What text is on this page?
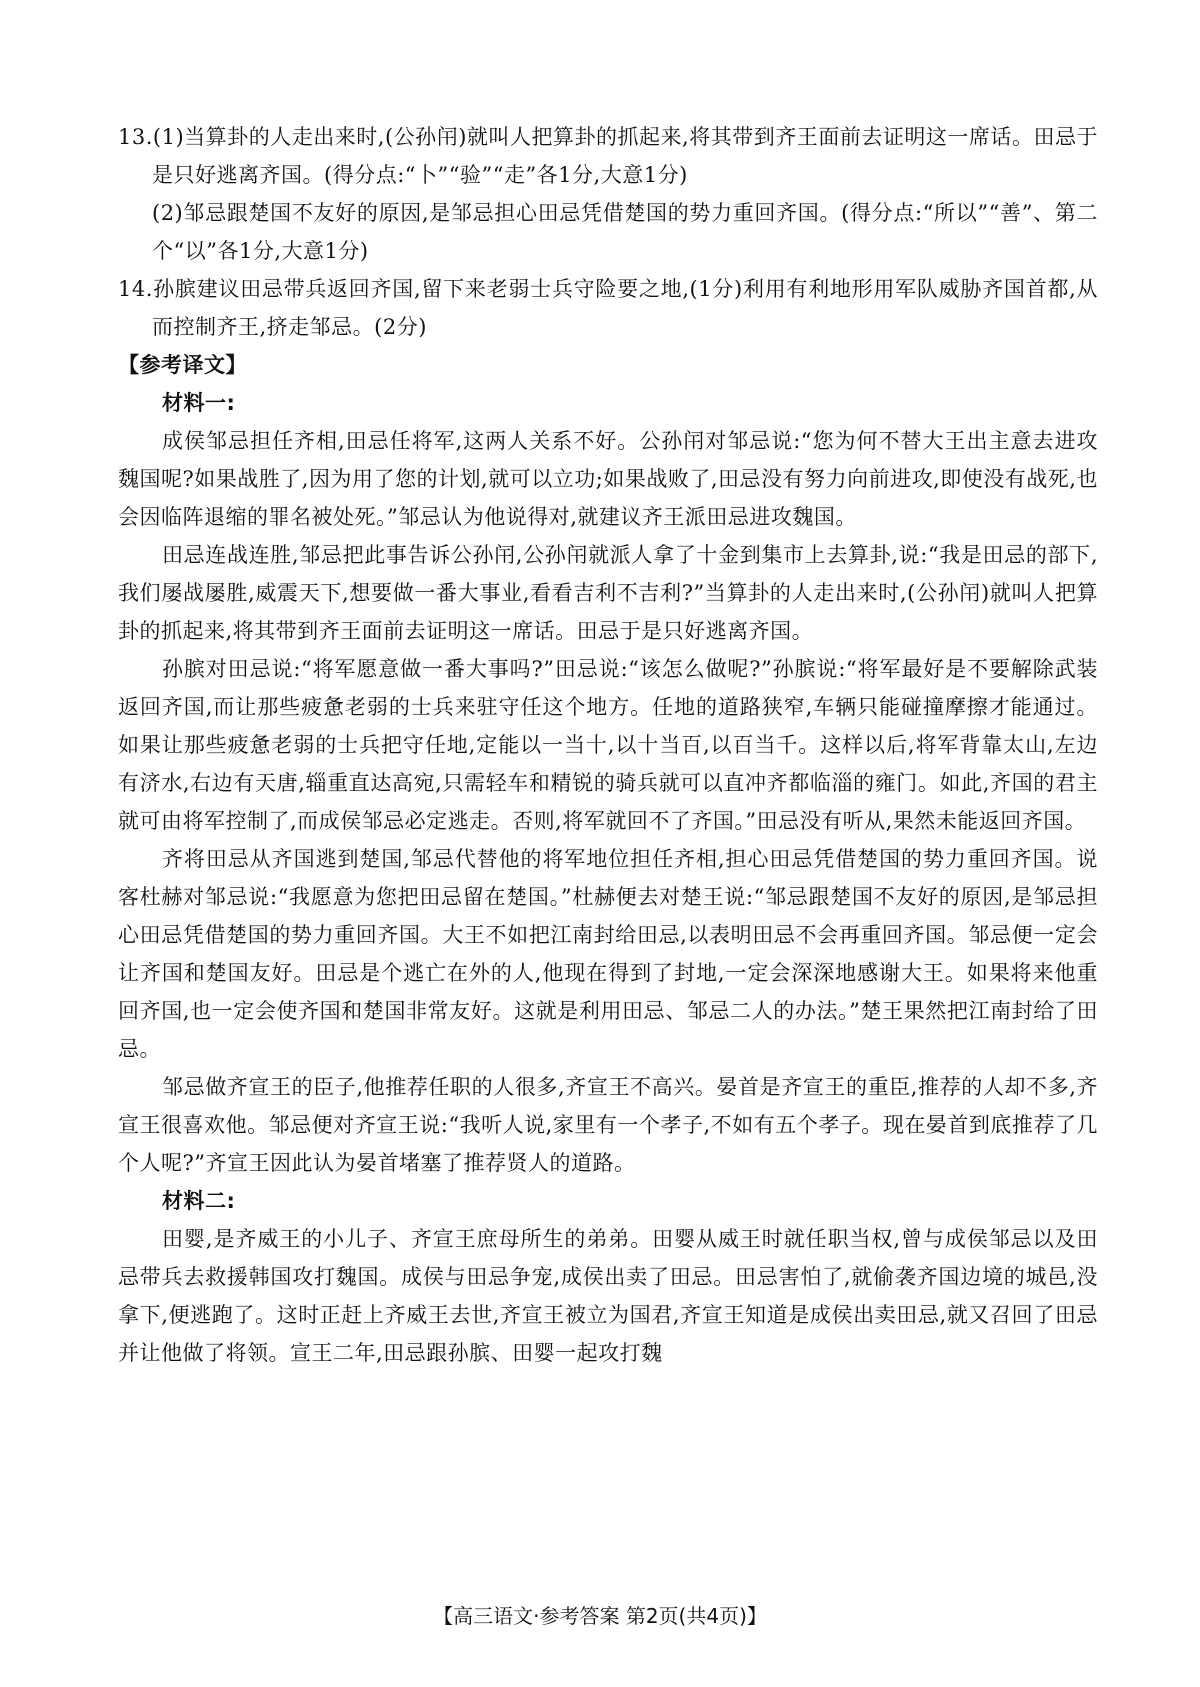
13.(1)当算卦的人走出来时,(公孙闬)就叫人把算卦的抓起来,将其带到齐王面前去证明这一席话。田忌于是只好逃离齐国。(得分点:“卜”“验”“走”各1分,大意1分)

(2)邹忌跟楚国不友好的原因,是邹忌担心田忌凭借楚国的势力重回齐国。(得分点:“所以”“善”、第二个“以”各1分,大意1分)

14.孙膑建议田忌带兵返回齐国,留下来老弱士兵守险要之地,(1分)利用有利地形用军队威胁齐国首都,从而控制齐王,挤走邹忌。(2分)

【参考译文】

材料一:

成侯邹忌担任齐相,田忌任将军,这两人关系不好。公孙闬对邹忌说:“您为何不替大王出主意去进攻魏国呢?如果战胜了,因为用了您的计划,就可以立功;如果战败了,田忌没有努力向前进攻,即使没有战死,也会因临阵退缩的罪名被处死。”邹忌认为他说得对,就建议齐王派田忌进攻魏国。

田忌连战连胜,邹忌把此事告诉公孙闬,公孙闬就派人拿了十金到集市上去算卦,说:“我是田忌的部下,我们屡战屡胜,威震天下,想要做一番大事业,看看吉利不吉利?”当算卦的人走出来时,(公孙闬)就叫人把算卦的抓起来,将其带到齐王面前去证明这一席话。田忌于是只好逃离齐国。

孙膑对田忌说:“将军愿意做一番大事吗?”田忌说:“该怎么做呢?”孙膑说:“将军最好是不要解除武装返回齐国,而让那些疲惫老弱的士兵来驻守任这个地方。任地的道路狭窄,车辆只能碰撞摩擦才能通过。如果让那些疲惫老弱的士兵把守任地,定能以一当十,以十当百,以百当千。这样以后,将军背靠太山,左边有济水,右边有天唐,辎重直达高宛,只需轻车和精锐的骑兵就可以直冲齐都临淄的雍门。如此,齐国的君主就可由将军控制了,而成侯邹忌必定逃走。否则,将军就回不了齐国。”田忌没有听从,果然未能返回齐国。

齐将田忌从齐国逃到楚国,邹忌代替他的将军地位担任齐相,担心田忌凭借楚国的势力重回齐国。说客杜赫对邹忌说:“我愿意为您把田忌留在楚国。”杜赫便去对楚王说:“邹忌跟楚国不友好的原因,是邹忌担心田忌凭借楚国的势力重回齐国。大王不如把江南封给田忌,以表明田忌不会再重回齐国。邹忌便一定会让齐国和楚国友好。田忌是个逃亡在外的人,他现在得到了封地,一定会深深地感谢大王。如果将来他重回齐国,也一定会使齐国和楚国非常友好。这就是利用田忌、邹忌二人的办法。”楚王果然把江南封给了田忌。

邹忌做齐宣王的臣子,他推荐任职的人很多,齐宣王不高兴。晏首是齐宣王的重臣,推荐的人却不多,齐宣王很喜欢他。邹忌便对齐宣王说:“我听人说,家里有一个孝子,不如有五个孝子。现在晏首到底推荐了几个人呢?”齐宣王因此认为晏首堵塞了推荐贤人的道路。

材料二:

田婴,是齐威王的小儿子、齐宣王庶母所生的弟弟。田婴从威王时就任职当权,曾与成侯邹忌以及田忌带兵去救援韩国攻打魏国。成侯与田忌争宠,成侯出卖了田忌。田忌害怕了,就偷袭齐国边境的城邑,没拿下,便逃跑了。这时正赶上齐威王去世,齐宣王被立为国君,齐宣王知道是成侯出卖田忌,就又召回了田忌并让他做了将领。宣王二年,田忌跟孙膑、田婴一起攻打魏

【高三语文·参考答案 第2页(共4页)】
